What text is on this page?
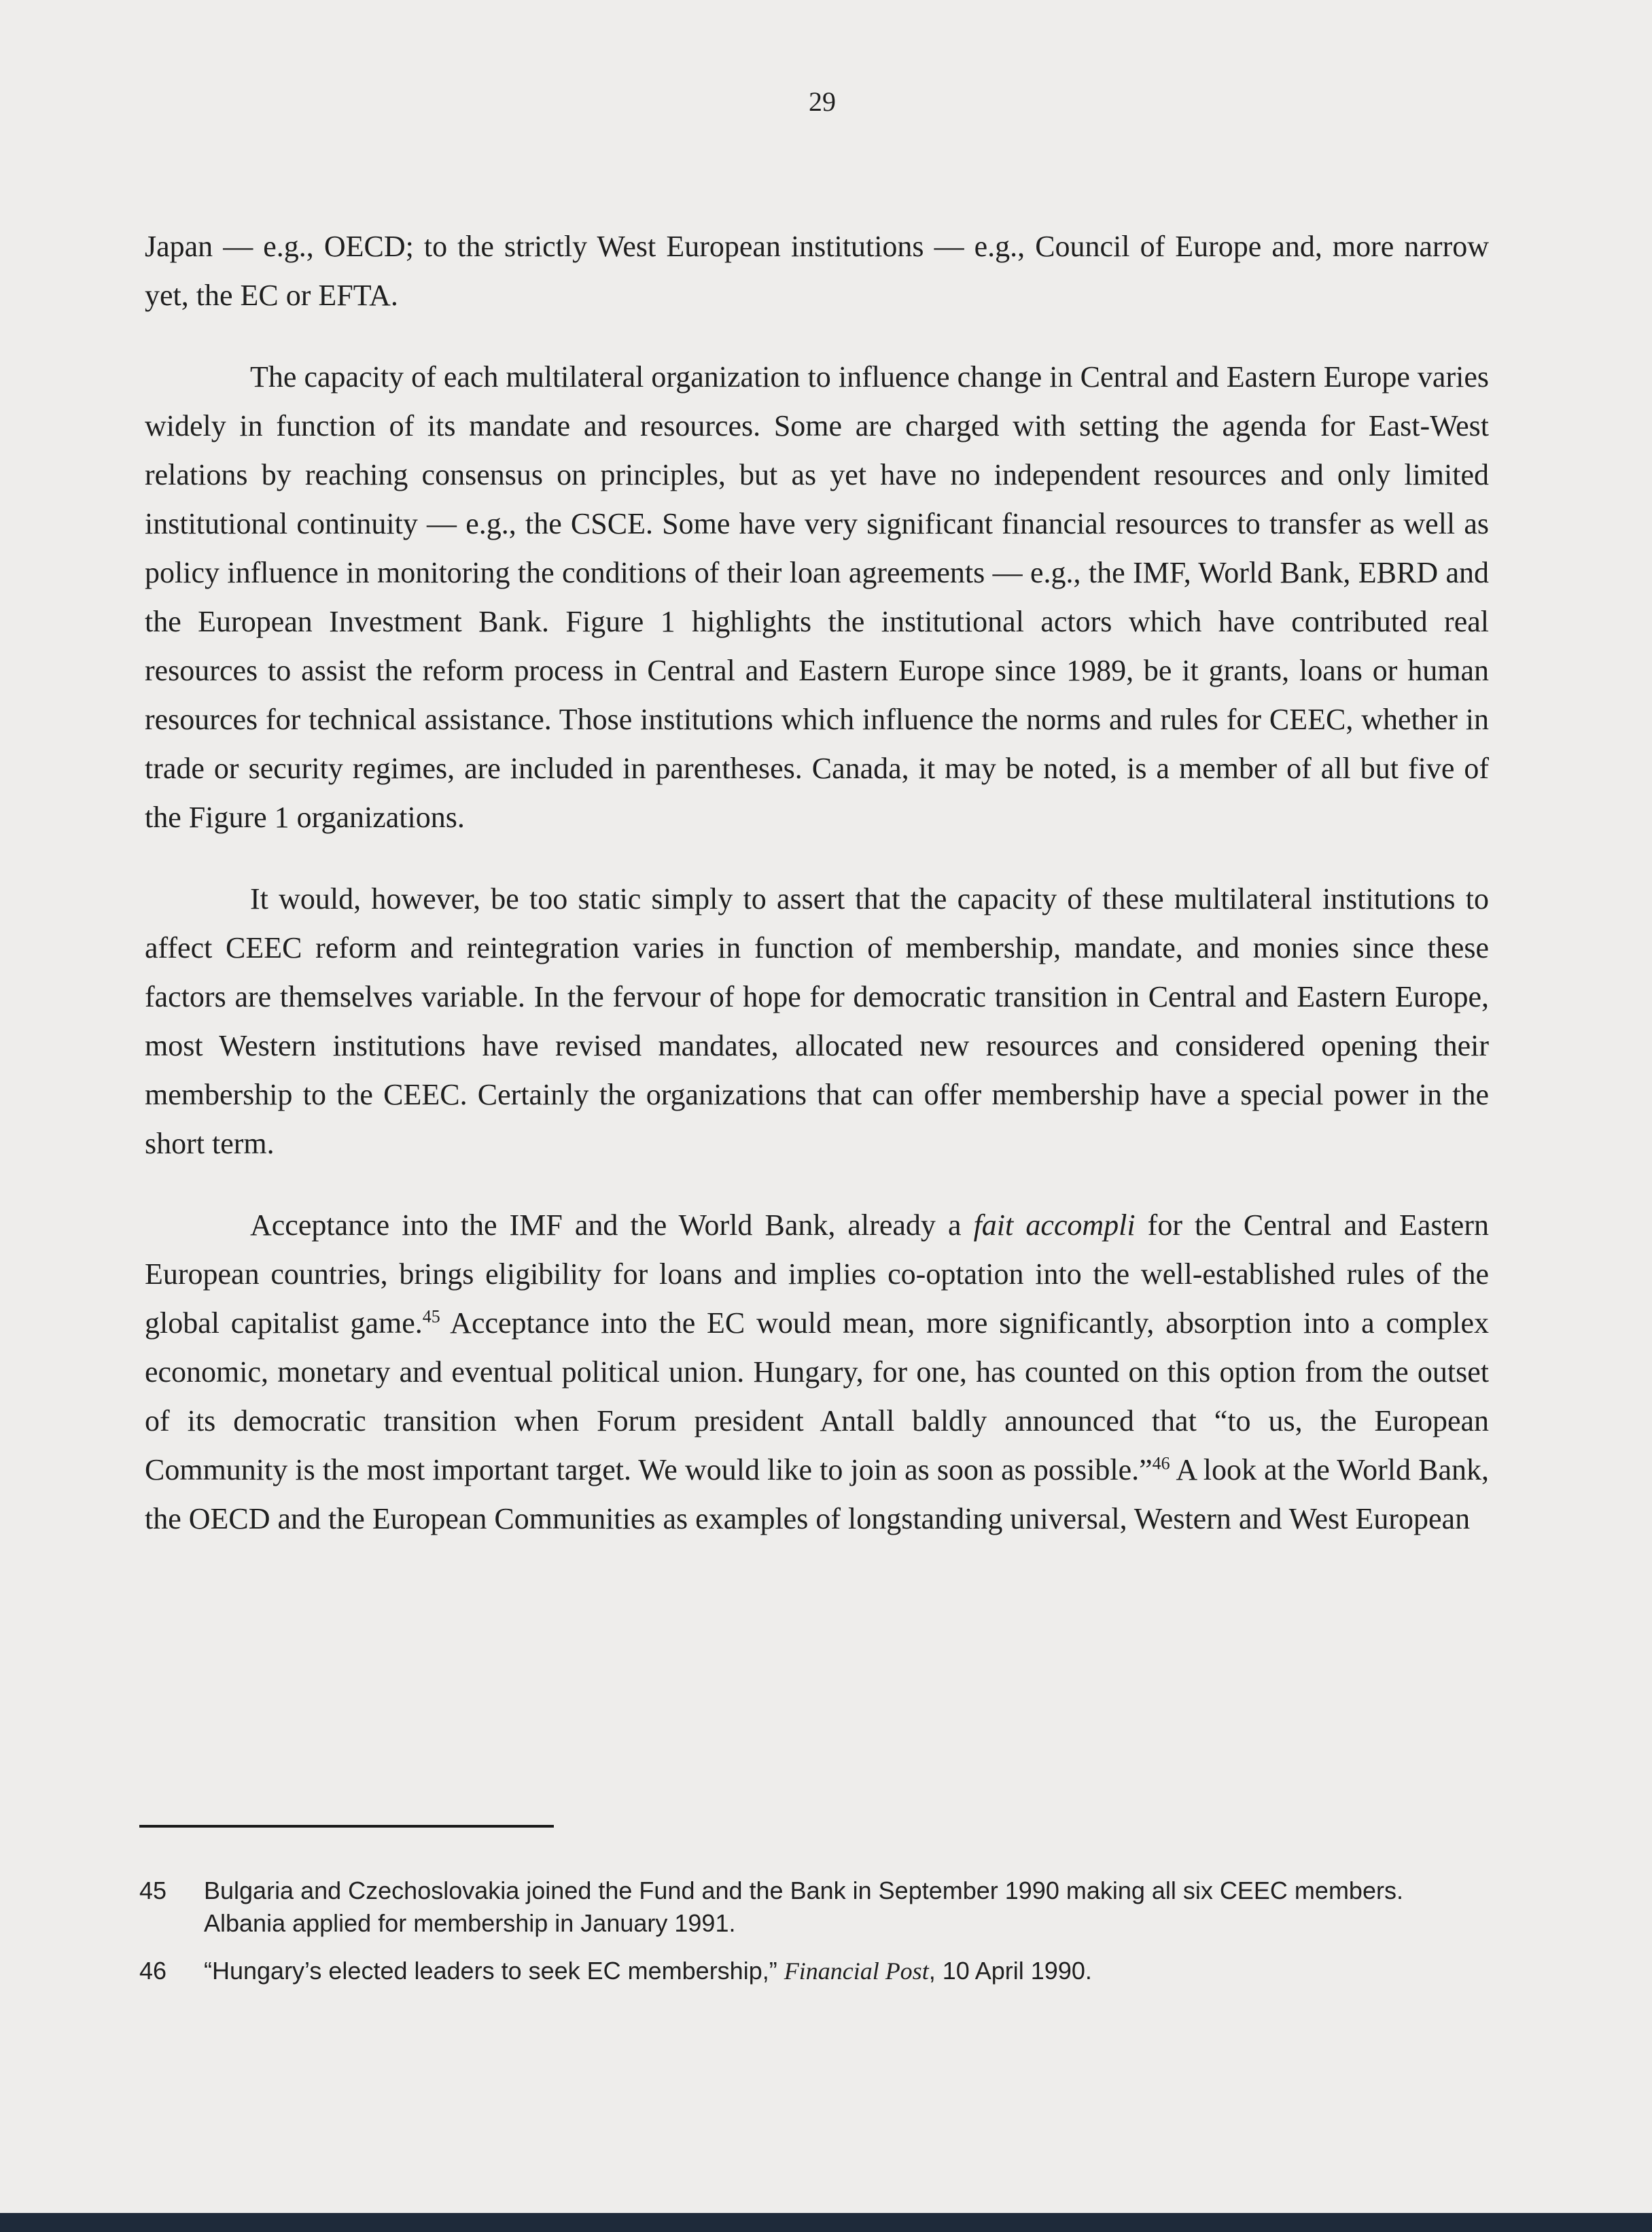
29

Japan — e.g., OECD; to the strictly West European institutions — e.g., Council of Europe and, more narrow yet, the EC or EFTA.

The capacity of each multilateral organization to influence change in Central and Eastern Europe varies widely in function of its mandate and resources. Some are charged with setting the agenda for East-West relations by reaching consensus on principles, but as yet have no independent resources and only limited institutional continuity — e.g., the CSCE. Some have very significant financial resources to transfer as well as policy influence in monitoring the conditions of their loan agreements — e.g., the IMF, World Bank, EBRD and the European Investment Bank. Figure 1 highlights the institutional actors which have contributed real resources to assist the reform process in Central and Eastern Europe since 1989, be it grants, loans or human resources for technical assistance. Those institutions which influence the norms and rules for CEEC, whether in trade or security regimes, are included in parentheses. Canada, it may be noted, is a member of all but five of the Figure 1 organizations.

It would, however, be too static simply to assert that the capacity of these multilateral institutions to affect CEEC reform and reintegration varies in function of membership, mandate, and monies since these factors are themselves variable. In the fervour of hope for democratic transition in Central and Eastern Europe, most Western institutions have revised mandates, allocated new resources and considered opening their membership to the CEEC. Certainly the organizations that can offer membership have a special power in the short term.

Acceptance into the IMF and the World Bank, already a fait accompli for the Central and Eastern European countries, brings eligibility for loans and implies co-optation into the well-established rules of the global capitalist game.$^{45}$ Acceptance into the EC would mean, more significantly, absorption into a complex economic, monetary and eventual political union. Hungary, for one, has counted on this option from the outset of its democratic transition when Forum president Antall baldly announced that “to us, the European Community is the most important target. We would like to join as soon as possible.”$^{46}$ A look at the World Bank, the OECD and the European Communities as examples of longstanding universal, Western and West European

45	Bulgaria and Czechoslovakia joined the Fund and the Bank in September 1990 making all six CEEC members. Albania applied for membership in January 1991.
46	“Hungary’s elected leaders to seek EC membership,” Financial Post, 10 April 1990.
